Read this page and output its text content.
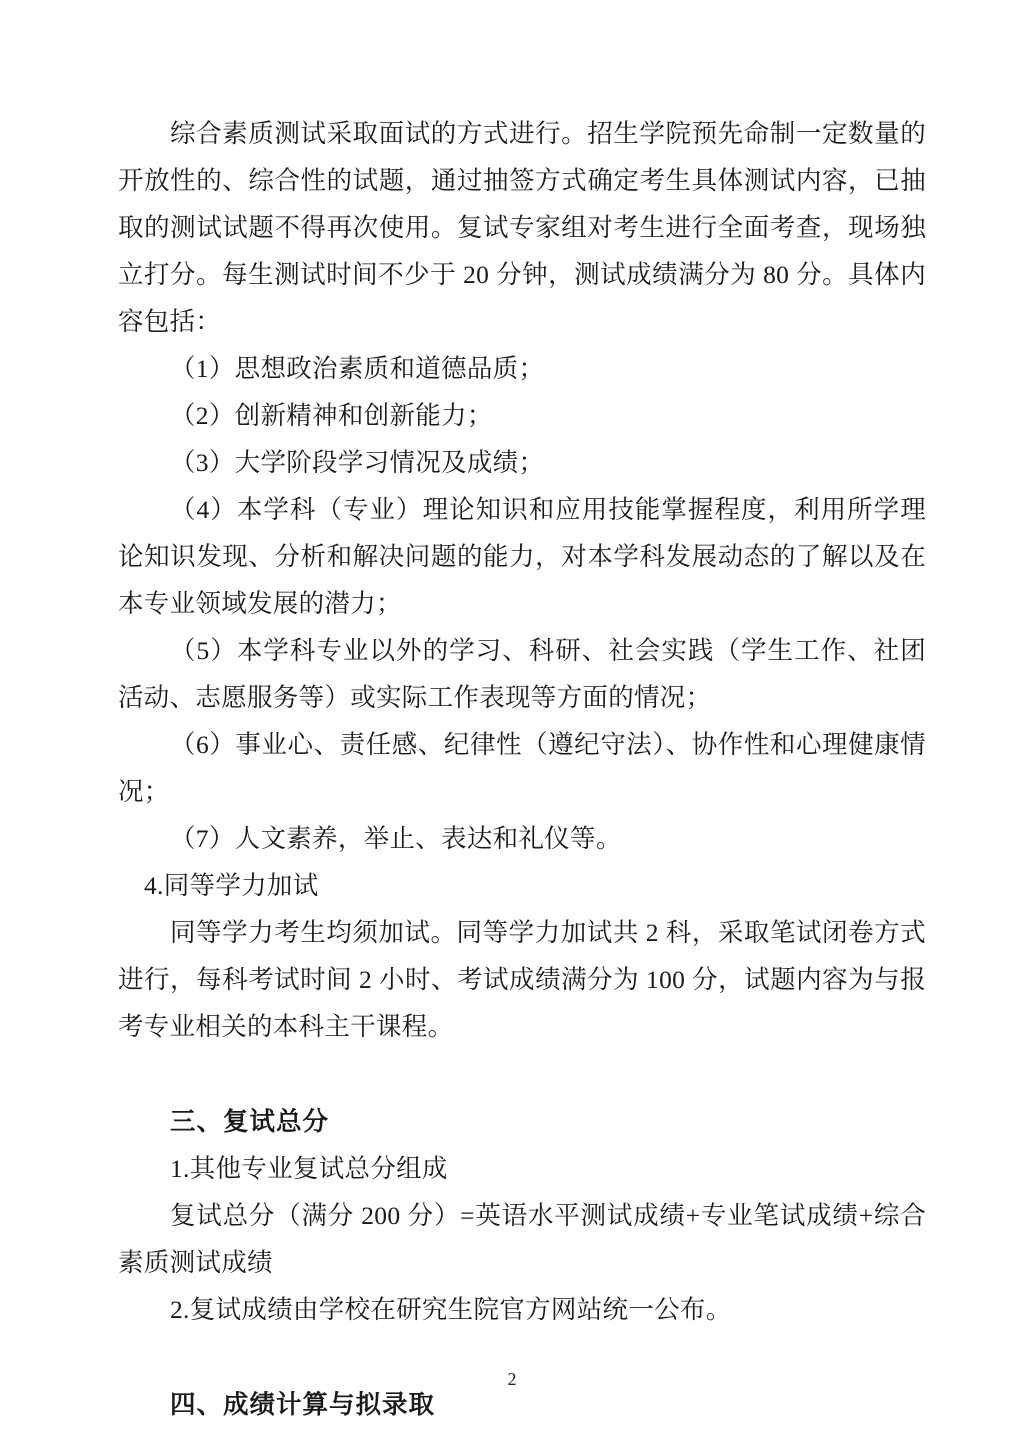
综合素质测试采取面试的方式进行。招生学院预先命制一定数量的开放性的、综合性的试题，通过抽签方式确定考生具体测试内容，已抽取的测试试题不得再次使用。复试专家组对考生进行全面考查，现场独立打分。每生测试时间不少于 20 分钟，测试成绩满分为 80 分。具体内容包括：

（1）思想政治素质和道德品质；

（2）创新精神和创新能力；

（3）大学阶段学习情况及成绩；

（4）本学科（专业）理论知识和应用技能掌握程度，利用所学理论知识发现、分析和解决问题的能力，对本学科发展动态的了解以及在本专业领域发展的潜力；

（5）本学科专业以外的学习、科研、社会实践（学生工作、社团活动、志愿服务等）或实际工作表现等方面的情况；

（6）事业心、责任感、纪律性（遵纪守法）、协作性和心理健康情况；

（7）人文素养，举止、表达和礼仪等。

4.同等学力加试

同等学力考生均须加试。同等学力加试共 2 科，采取笔试闭卷方式进行，每科考试时间 2 小时、考试成绩满分为 100 分，试题内容为与报考专业相关的本科主干课程。

三、复试总分

1.其他专业复试总分组成

复试总分（满分 200 分）=英语水平测试成绩+专业笔试成绩+综合素质测试成绩

2.复试成绩由学校在研究生院官方网站统一公布。

四、成绩计算与拟录取

2
